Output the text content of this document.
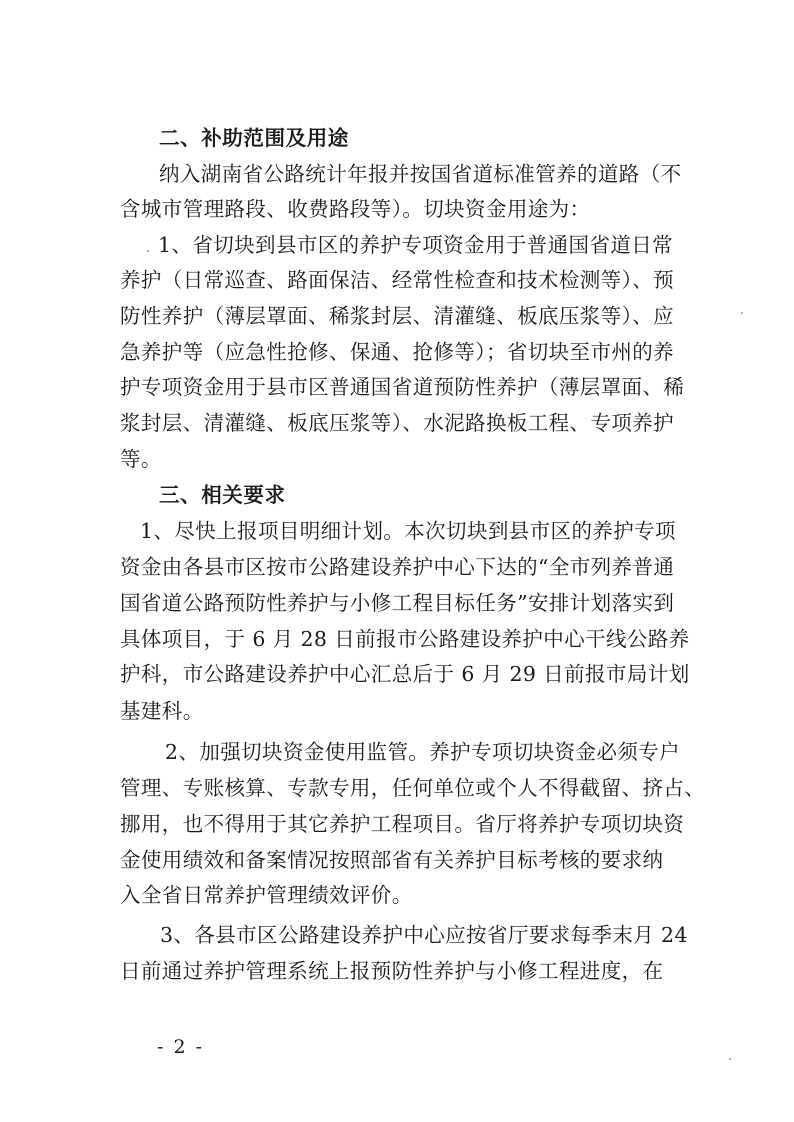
二、补助范围及用途

纳入湖南省公路统计年报并按国省道标准管养的道路（不

含城市管理路段、收费路段等）。切块资金用途为：

1、省切块到县市区的养护专项资金用于普通国省道日常

养护（日常巡查、路面保洁、经常性检查和技术检测等）、预

防性养护（薄层罩面、稀浆封层、清灌缝、板底压浆等）、应

急养护等（应急性抢修、保通、抢修等）；省切块至市州的养

护专项资金用于县市区普通国省道预防性养护（薄层罩面、稀

浆封层、清灌缝、板底压浆等）、水泥路换板工程、专项养护

等。

三、相关要求

1、尽快上报项目明细计划。本次切块到县市区的养护专项

资金由各县市区按市公路建设养护中心下达的“全市列养普通

国省道公路预防性养护与小修工程目标任务”安排计划落实到

具体项目，于 6 月 28 日前报市公路建设养护中心干线公路养

护科，市公路建设养护中心汇总后于 6 月 29 日前报市局计划

基建科。

2、加强切块资金使用监管。养护专项切块资金必须专户

管理、专账核算、专款专用，任何单位或个人不得截留、挤占、

挪用，也不得用于其它养护工程项目。省厅将养护专项切块资

金使用绩效和备案情况按照部省有关养护目标考核的要求纳

入全省日常养护管理绩效评价。

3、各县市区公路建设养护中心应按省厅要求每季末月 24

日前通过养护管理系统上报预防性养护与小修工程进度，在

- 2 -
